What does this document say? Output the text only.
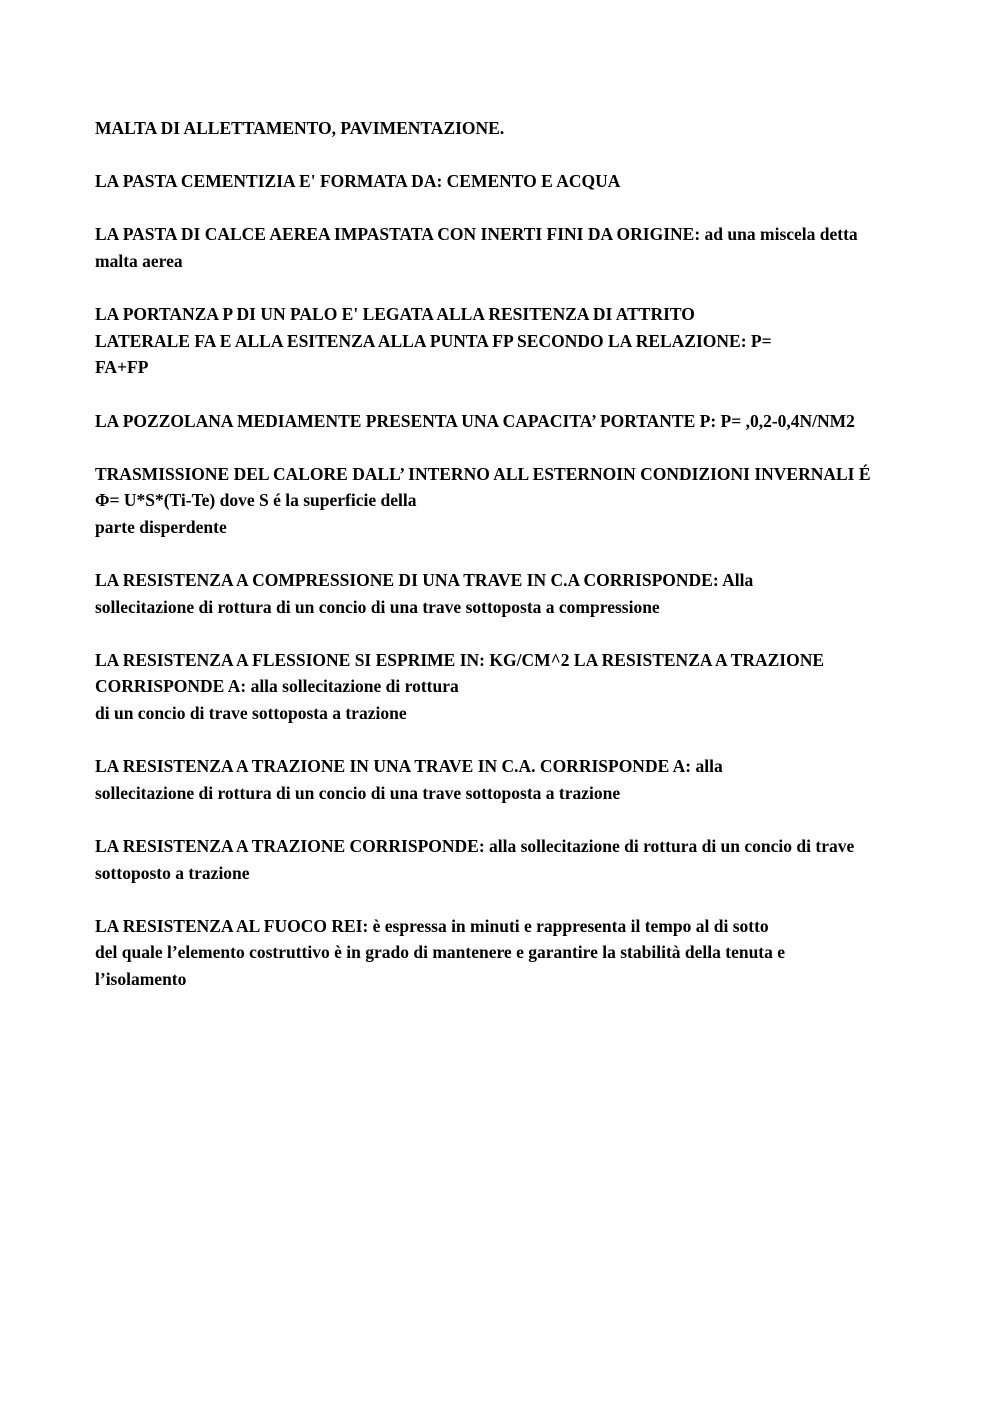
MALTA DI ALLETTAMENTO, PAVIMENTAZIONE.

LA PASTA CEMENTIZIA E' FORMATA DA: CEMENTO E ACQUA

LA PASTA DI CALCE AEREA IMPASTATA CON INERTI FINI DA ORIGINE: ad una miscela detta
malta aerea

LA PORTANZA P DI UN PALO E' LEGATA ALLA RESITENZA DI ATTRITO
LATERALE FA E ALLA ESITENZA ALLA PUNTA FP SECONDO LA RELAZIONE: P=
FA+FP

LA POZZOLANA MEDIAMENTE PRESENTA UNA CAPACITA’ PORTANTE P: P= ,0,2-0,4N/NM2

TRASMISSIONE DEL CALORE DALL’ INTERNO ALL ESTERNOIN CONDIZIONI INVERNALI É
Φ= U*S*(Ti-Te) dove S é la superficie della
parte disperdente

LA RESISTENZA A COMPRESSIONE DI UNA TRAVE IN C.A CORRISPONDE: Alla
sollecitazione di rottura di un concio di una trave sottoposta a compressione

LA RESISTENZA A FLESSIONE SI ESPRIME IN: KG/CM^2 LA RESISTENZA A TRAZIONE
CORRISPONDE A: alla sollecitazione di rottura
di un concio di trave sottoposta a trazione

LA RESISTENZA A TRAZIONE IN UNA TRAVE IN C.A. CORRISPONDE A: alla
sollecitazione di rottura di un concio di una trave sottoposta a trazione

LA RESISTENZA A TRAZIONE CORRISPONDE: alla sollecitazione di rottura di un concio di trave
sottoposto a trazione

LA RESISTENZA AL FUOCO REI: è espressa in minuti e rappresenta il tempo al di sotto
del quale l’elemento costruttivo è in grado di mantenere e garantire la stabilità della tenuta e
l’isolamento
